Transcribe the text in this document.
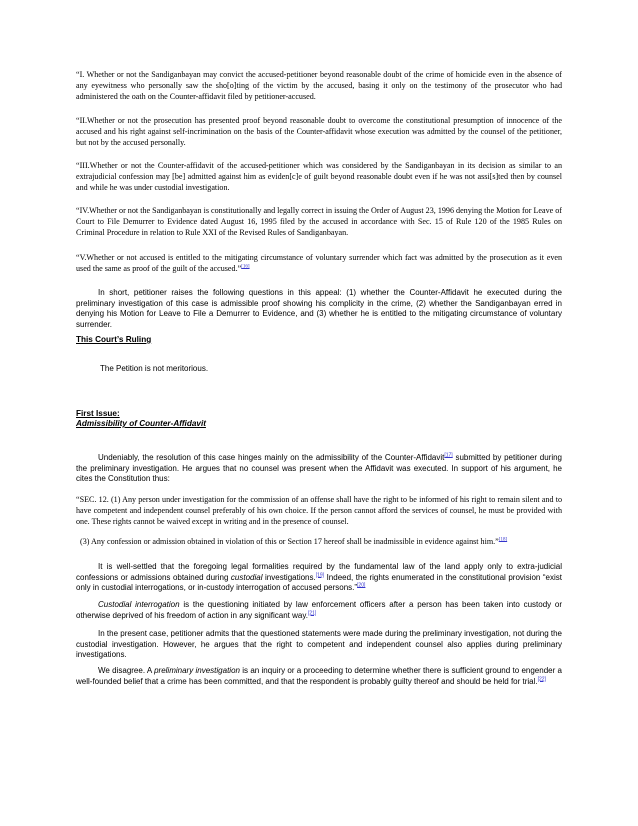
“I. Whether or not the Sandiganbayan may convict the accused-petitioner beyond reasonable doubt of the crime of homicide even in the absence of any eyewitness who personally saw the sho[o]ting of the victim by the accused, basing it only on the testimony of the prosecutor who had administered the oath on the Counter-affidavit filed by petitioner-accused.
“II.Whether or not the prosecution has presented proof beyond reasonable doubt to overcome the constitutional presumption of innocence of the accused and his right against self-incrimination on the basis of the Counter-affidavit whose execution was admitted by the counsel of the petitioner, but not by the accused personally.
“III.Whether or not the Counter-affidavit of the accused-petitioner which was considered by the Sandiganbayan in its decision as similar to an extrajudicial confession may [be] admitted against him as eviden[c]e of guilt beyond reasonable doubt even if he was not assi[s]ted then by counsel and while he was under custodial investigation.
“IV.Whether or not the Sandiganbayan is constitutionally and legally correct in issuing the Order of August 23, 1996 denying the Motion for Leave of Court to File Demurrer to Evidence dated August 16, 1995 filed by the accused in accordance with Sec. 15 of Rule 120 of the 1985 Rules on Criminal Procedure in relation to Rule XXI of the Revised Rules of Sandiganbayan.
“V.Whether or not accused is entitled to the mitigating circumstance of voluntary surrender which fact was admitted by the prosecution as it even used the same as proof of the guilt of the accused.”[16]
In short, petitioner raises the following questions in this appeal: (1) whether the Counter-Affidavit he executed during the preliminary investigation of this case is admissible proof showing his complicity in the crime, (2) whether the Sandiganbayan erred in denying his Motion for Leave to File a Demurrer to Evidence, and (3) whether he is entitled to the mitigating circumstance of voluntary surrender.
This Court’s Ruling
The Petition is not meritorious.
First Issue:
Admissibility of Counter-Affidavit
Undeniably, the resolution of this case hinges mainly on the admissibility of the Counter-Affidavit[17] submitted by petitioner during the preliminary investigation. He argues that no counsel was present when the Affidavit was executed. In support of his argument, he cites the Constitution thus:
“SEC. 12. (1) Any person under investigation for the commission of an offense shall have the right to be informed of his right to remain silent and to have competent and independent counsel preferably of his own choice. If the person cannot afford the services of counsel, he must be provided with one. These rights cannot be waived except in writing and in the presence of counsel.
(3) Any confession or admission obtained in violation of this or Section 17 hereof shall be inadmissible in evidence against him.”[18]
It is well-settled that the foregoing legal formalities required by the fundamental law of the land apply only to extra-judicial confessions or admissions obtained during custodial investigations.[19] Indeed, the rights enumerated in the constitutional provision “exist only in custodial interrogations, or in-custody interrogation of accused persons.”[20]
Custodial interrogation is the questioning initiated by law enforcement officers after a person has been taken into custody or otherwise deprived of his freedom of action in any significant way.[21]
In the present case, petitioner admits that the questioned statements were made during the preliminary investigation, not during the custodial investigation. However, he argues that the right to competent and independent counsel also applies during preliminary investigations.
We disagree. A preliminary investigation is an inquiry or a proceeding to determine whether there is sufficient ground to engender a well-founded belief that a crime has been committed, and that the respondent is probably guilty thereof and should be held for trial.[22]
